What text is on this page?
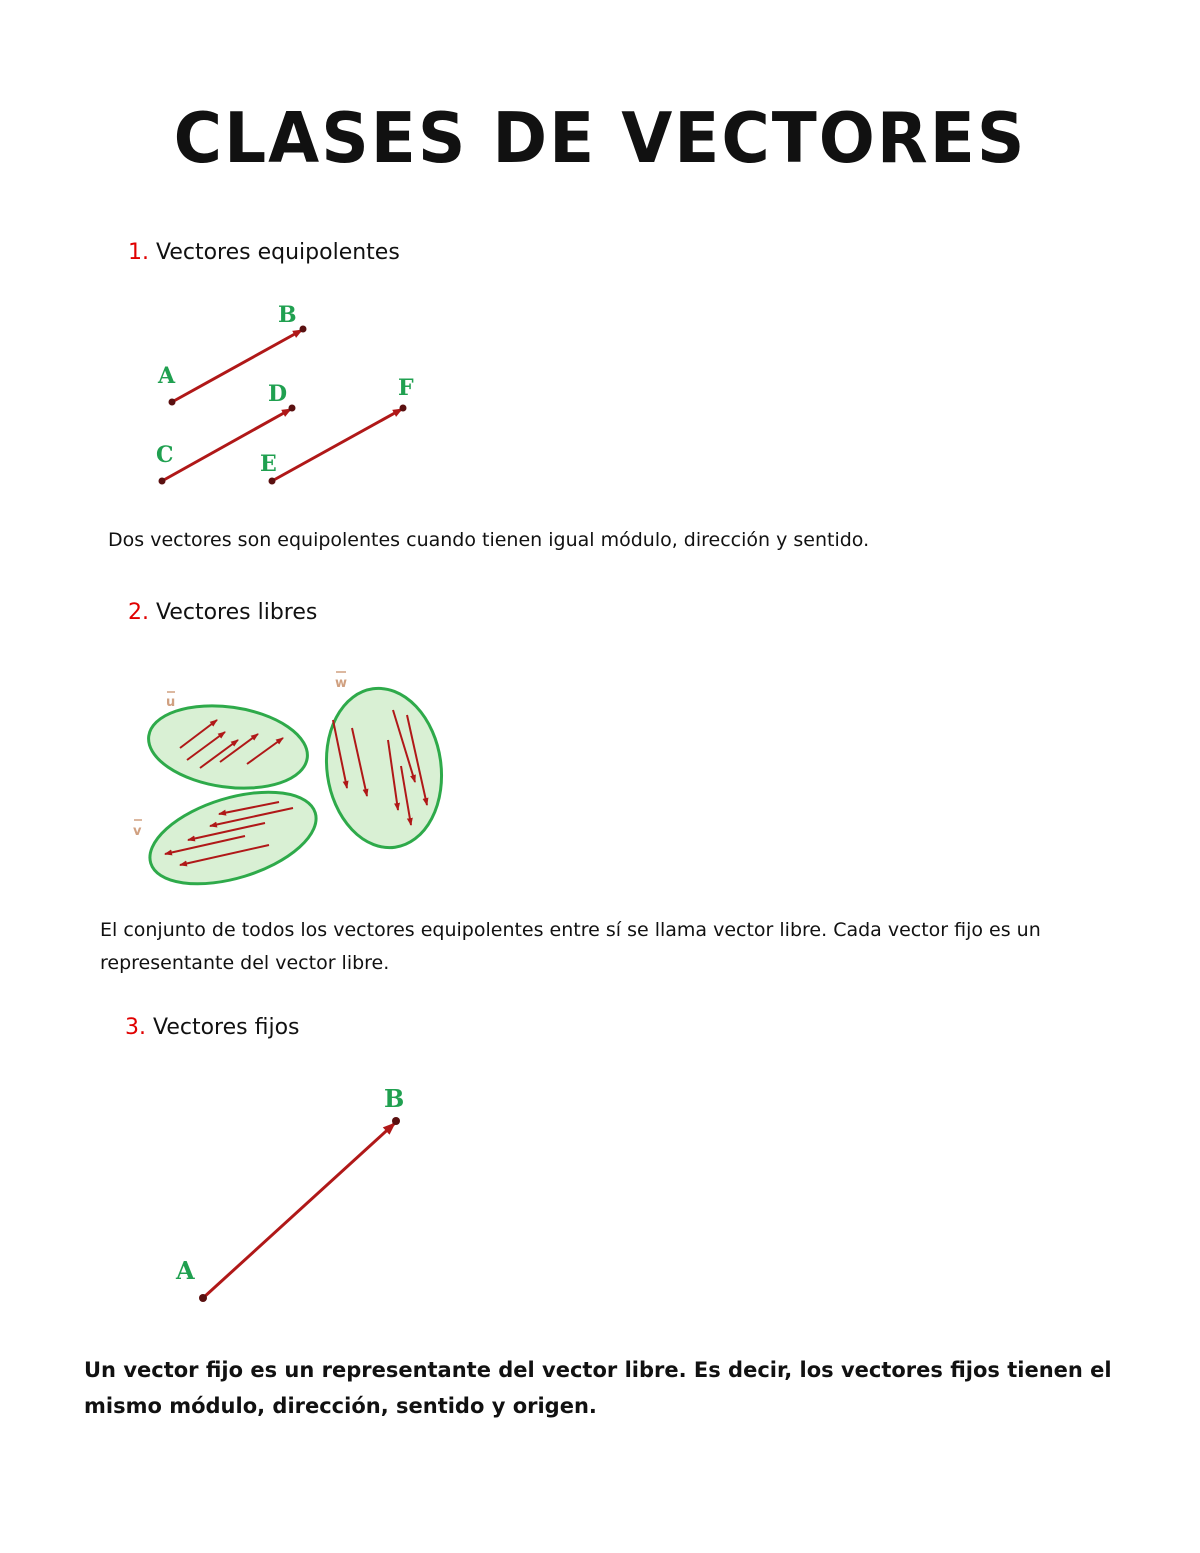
CLASES DE VECTORES
1. Vectores equipolentes
A
B
C
D
E
F

Dos vectores son equipolentes cuando tienen igual módulo, dirección y sentido.

2. Vectores libres
u
v
w

El conjunto de todos los vectores equipolentes entre sí se llama vector libre. Cada vector fijo es un representante del vector libre.

3. Vectores fijos
A
B

Un vector fijo es un representante del vector libre. Es decir, los vectores fijos tienen el mismo módulo, dirección, sentido y origen.
